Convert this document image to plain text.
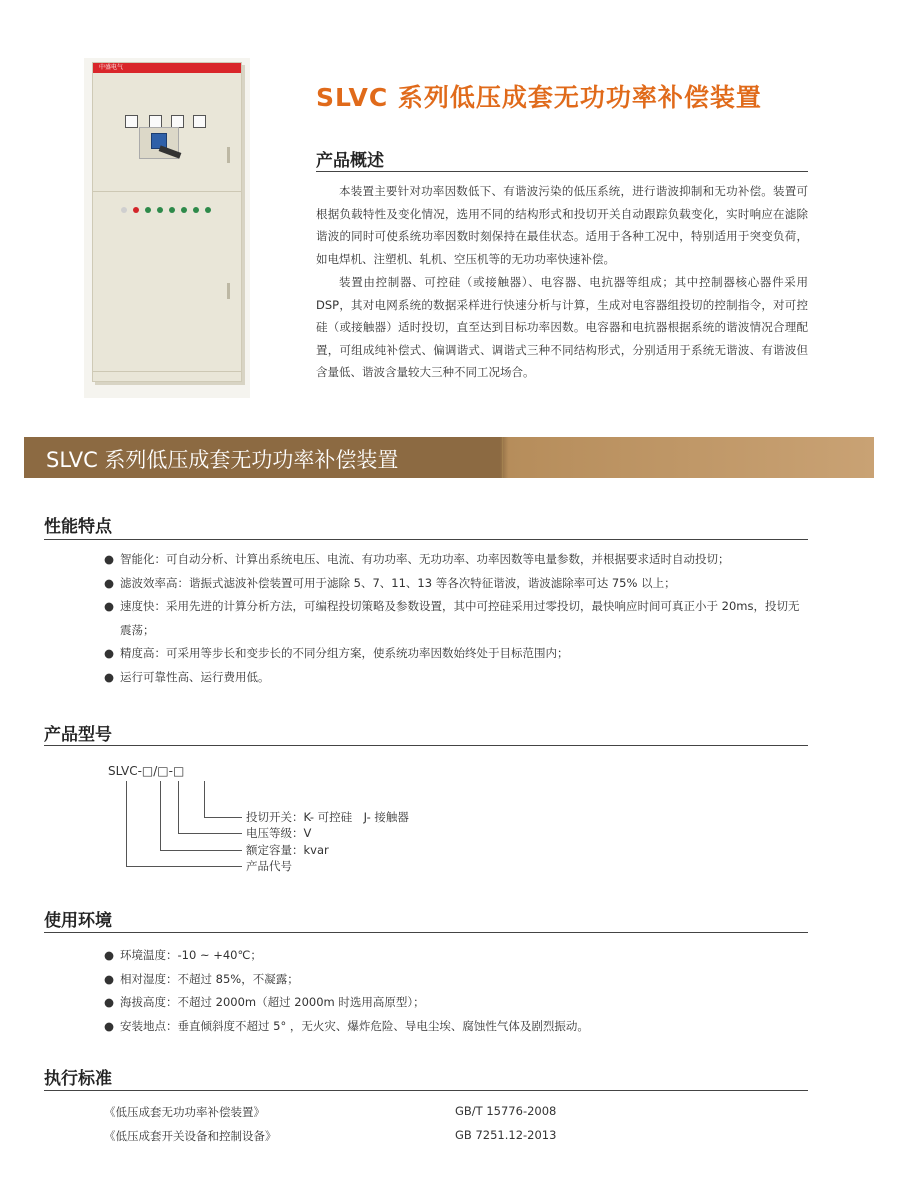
中盛电气
SLVC 系列低压成套无功功率补偿装置
产品概述
本装置主要针对功率因数低下、有谐波污染的低压系统，进行谐波抑制和无功补偿。装置可根据负载特性及变化情况，选用不同的结构形式和投切开关自动跟踪负载变化，实时响应在滤除谐波的同时可使系统功率因数时刻保持在最佳状态。适用于各种工况中，特别适用于突变负荷，如电焊机、注塑机、轧机、空压机等的无功功率快速补偿。
装置由控制器、可控硅（或接触器）、电容器、电抗器等组成；其中控制器核心器件采用 DSP，其对电网系统的数据采样进行快速分析与计算，生成对电容器组投切的控制指令，对可控硅（或接触器）适时投切，直至达到目标功率因数。电容器和电抗器根据系统的谐波情况合理配置，可组成纯补偿式、偏调谐式、调谐式三种不同结构形式，分别适用于系统无谐波、有谐波但含量低、谐波含量较大三种不同工况场合。
SLVC 系列低压成套无功功率补偿装置
性能特点
● 智能化：可自动分析、计算出系统电压、电流、有功功率、无功功率、功率因数等电量参数，并根据要求适时自动投切；
● 滤波效率高：谐振式滤波补偿装置可用于滤除 5、7、11、13 等各次特征谐波，谐波滤除率可达 75% 以上；
● 速度快：采用先进的计算分析方法，可编程投切策略及参数设置，其中可控硅采用过零投切，最快响应时间可真正小于 20ms，投切无震荡；
● 精度高：可采用等步长和变步长的不同分组方案，使系统功率因数始终处于目标范围内；
● 运行可靠性高、运行费用低。
产品型号
SLVC-□/□-□
投切开关：K- 可控硅　J- 接触器
电压等级：V
额定容量：kvar
产品代号
使用环境
● 环境温度：-10 ~ +40℃；
● 相对湿度：不超过 85%，不凝露；
● 海拔高度：不超过 2000m（超过 2000m 时选用高原型）；
● 安装地点：垂直倾斜度不超过 5° ，无火灾、爆炸危险、导电尘埃、腐蚀性气体及剧烈振动。
执行标准
《低压成套无功功率补偿装置》	GB/T 15776-2008
《低压成套开关设备和控制设备》	GB 7251.12-2013
